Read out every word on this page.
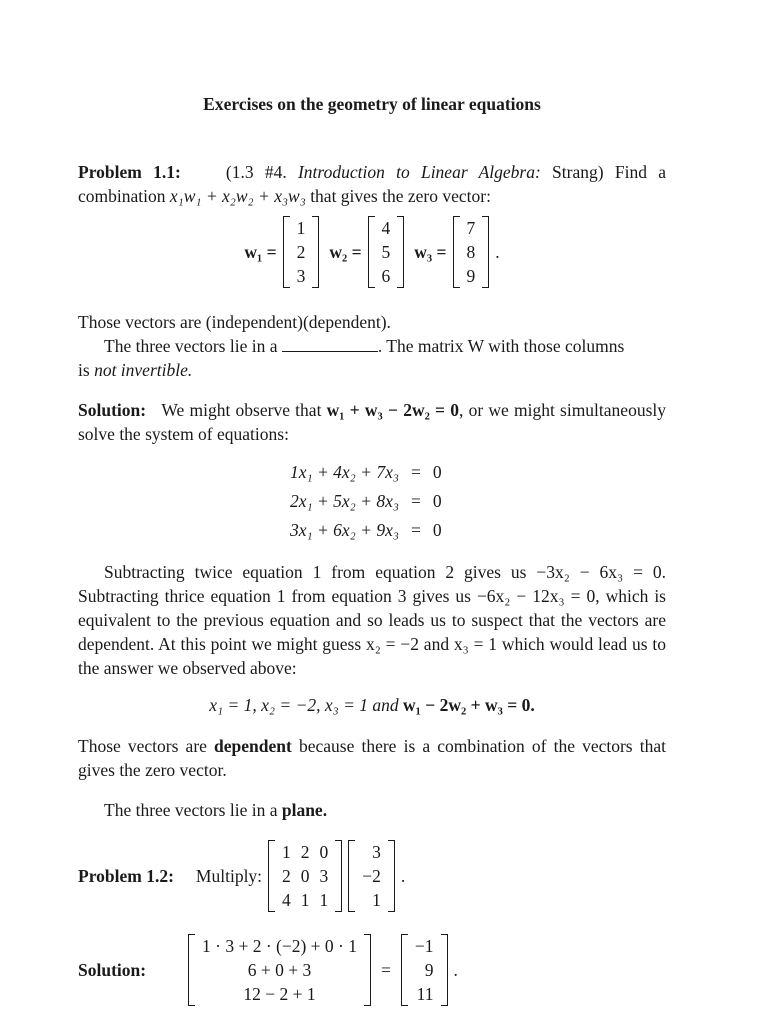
Exercises on the geometry of linear equations
Problem 1.1:	(1.3 #4. Introduction to Linear Algebra: Strang) Find a combination x₁w₁ + x₂w₂ + x₃w₃ that gives the zero vector:
w₁ =
1
2
3
w₂ =
4
5
6
w₃ =
7
8
9
.
Those vectors are (independent)(dependent).
The three vectors lie in a	. The matrix W with those columns
is not invertible.
Solution:   We might observe that w₁ + w₃ − 2w₂ = 0, or we might simultaneously solve the system of equations:
1x₁ + 4x₂ + 7x₃	=	0
2x₁ + 5x₂ + 8x₃	=	0
3x₁ + 6x₂ + 9x₃	=	0
Subtracting twice equation 1 from equation 2 gives us −3x₂ − 6x₃ = 0. Subtracting thrice equation 1 from equation 3 gives us −6x₂ − 12x₃ = 0, which is equivalent to the previous equation and so leads us to suspect that the vectors are dependent. At this point we might guess x₂ = −2 and x₃ = 1 which would lead us to the answer we observed above:
x₁ = 1, x₂ = −2, x₃ = 1 and w₁ − 2w₂ + w₃ = 0.
Those vectors are dependent because there is a combination of the vectors that gives the zero vector.
The three vectors lie in a plane.
Problem 1.2: Multiply:
1	2	0
2	0	3
4	1	1
3
−2
1
.
Solution:
1 · 3 + 2 · (−2) + 0 · 1
6 + 0 + 3
12 − 2 + 1
=
−1
9
11
.
